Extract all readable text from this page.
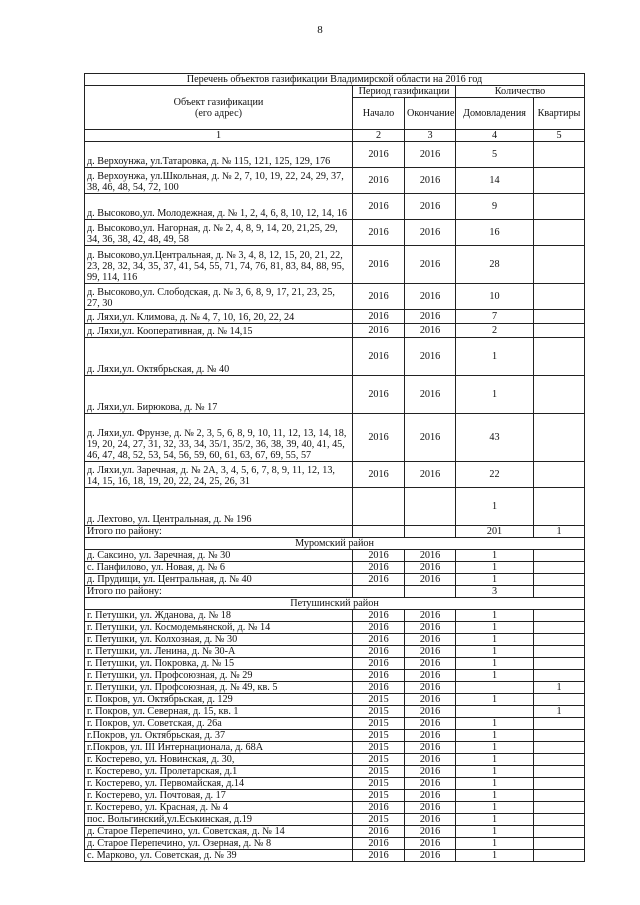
8
Перечень объектов газификации Владимирской области на 2016 год				

Объект газификации
(его адрес)	Период газификации		Количество	
	Начало	Окончание	Домовладения	Квартиры
1	2	3	4	5
д. Верхоунжа, ул.Татаровка, д. № 115, 121, 125, 129, 176	2016	2016	5	
д. Верхоунжа, ул.Школьная, д. № 2, 7, 10, 19, 22, 24, 29, 37, 38, 46, 48, 54, 72, 100	2016	2016	14	
д. Высоково,ул. Молодежная, д. № 1, 2, 4, 6, 8, 10, 12, 14, 16	2016	2016	9	
д. Высоково,ул. Нагорная, д. № 2, 4, 8, 9, 14, 20, 21,25, 29, 34, 36, 38, 42, 48, 49, 58	2016	2016	16	
д. Высоково,ул.Центральная, д. № 3, 4, 8, 12, 15, 20, 21, 22, 23, 28, 32, 34, 35, 37, 41, 54, 55, 71, 74, 76, 81, 83, 84, 88, 95, 99, 114, 116	2016	2016	28	
д. Высоково,ул. Слободская, д. № 3, 6, 8, 9, 17, 21, 23, 25, 27, 30	2016	2016	10	
д. Ляхи,ул. Климова, д. № 4, 7, 10, 16, 20, 22, 24	2016	2016	7	
д. Ляхи,ул. Кооперативная, д. № 14,15	2016	2016	2	
д. Ляхи,ул. Октябрьская, д. № 40	2016	2016	1	
д. Ляхи,ул. Бирюкова, д. № 17	2016	2016	1	
д. Ляхи,ул. Фрунзе, д. № 2, 3, 5, 6, 8, 9, 10, 11, 12, 13, 14, 18, 19, 20, 24, 27, 31, 32, 33, 34, 35/1, 35/2, 36, 38, 39, 40, 41, 45, 46, 47, 48, 52, 53, 54, 56, 59, 60, 61, 63, 67, 69, 55, 57	2016	2016	43	
д. Ляхи,ул. Заречная, д. № 2А, 3, 4, 5, 6, 7, 8, 9, 11, 12, 13, 14, 15, 16, 18, 19, 20, 22, 24, 25, 26, 31	2016	2016	22	
д. Лехтово, ул. Центральная, д. № 196			1	
Итого по району:			201	1
Муромский район				
д. Саксино, ул. Заречная, д. № 30	2016	2016	1	
с. Панфилово, ул. Новая, д. № 6	2016	2016	1	
д. Прудищи, ул. Центральная, д. № 40	2016	2016	1	
Итого по району:			3	
Петушинский район				
г. Петушки, ул. Жданова, д. № 18	2016	2016	1	
г. Петушки, ул. Космодемьянской, д. № 14	2016	2016	1	
г. Петушки, ул. Колхозная, д. № 30	2016	2016	1	
г. Петушки, ул. Ленина, д. № 30-А	2016	2016	1	
г. Петушки, ул. Покровка, д. № 15	2016	2016	1	
г. Петушки, ул. Профсоюзная, д. № 29	2016	2016	1	
г. Петушки, ул. Профсоюзная, д. № 49, кв. 5	2016	2016		1
г. Покров, ул. Октябрьская, д. 129	2015	2016	1	
г. Покров, ул. Северная, д. 15, кв. 1	2015	2016		1
г. Покров, ул. Советская, д. 26а	2015	2016	1	
г.Покров, ул. Октябрьская, д. 37	2015	2016	1	
г.Покров, ул. III Интернационала, д. 68А	2015	2016	1	
г. Костерево, ул. Новинская, д. 30,	2015	2016	1	
г. Костерево, ул. Пролетарская, д.1	2015	2016	1	
г. Костерево, ул. Первомайская, д.14	2015	2016	1	
г. Костерево, ул. Почтовая, д. 17	2015	2016	1	
г. Костерево, ул. Красная, д. № 4	2016	2016	1	
пос. Вольгинский,ул.Еськинская, д.19	2015	2016	1	
д. Старое Перепечино, ул. Советская, д. № 14	2016	2016	1	
д. Старое Перепечино, ул. Озерная, д. № 8	2016	2016	1	
с. Марково, ул. Советская, д. № 39	2016	2016	1	
